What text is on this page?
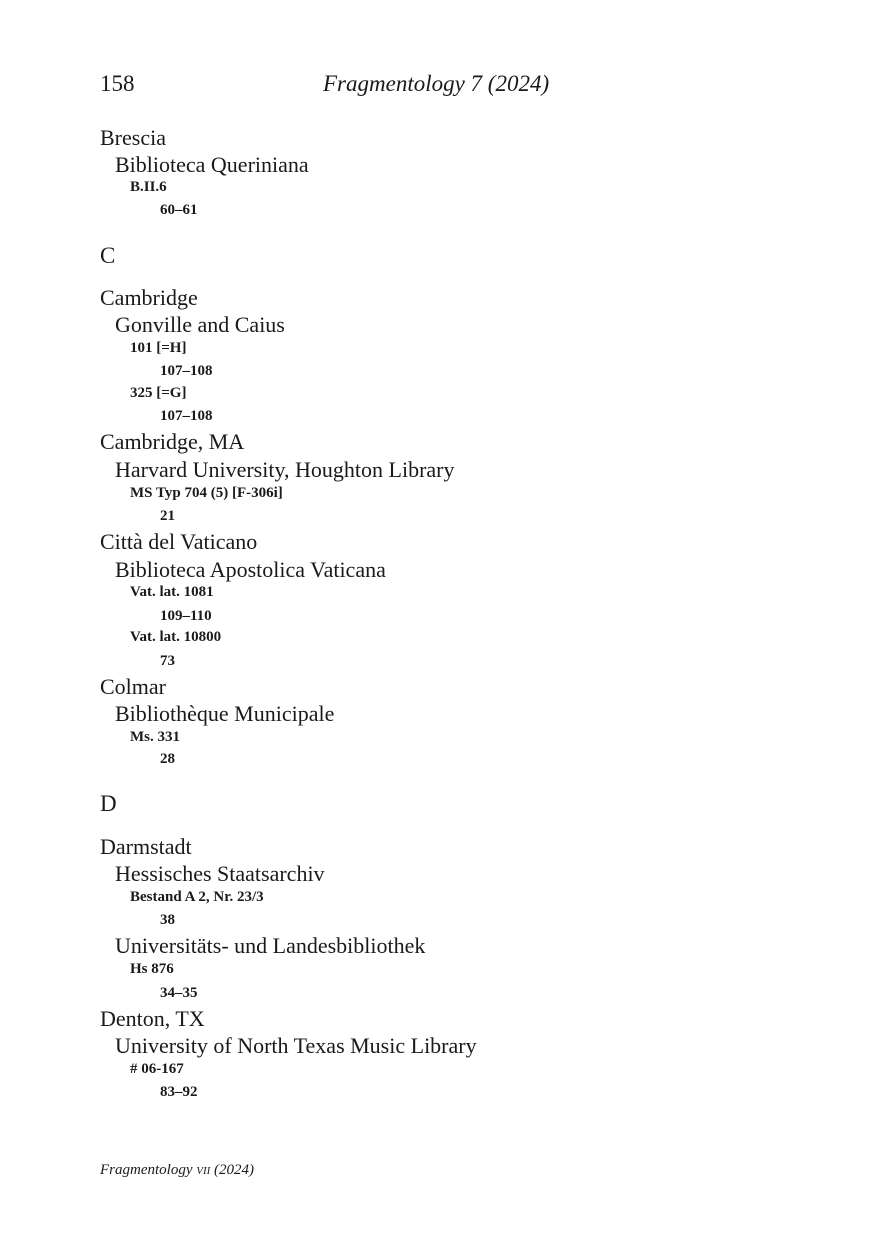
158	Fragmentology 7 (2024)
Brescia
Biblioteca Queriniana
B.II.6
60–61
C
Cambridge
Gonville and Caius
101 [=H]
107–108
325 [=G]
107–108
Cambridge, MA
Harvard University, Houghton Library
MS Typ 704 (5) [F-306i]
21
Città del Vaticano
Biblioteca Apostolica Vaticana
Vat. lat. 1081
109–110
Vat. lat. 10800
73
Colmar
Bibliothèque Municipale
Ms. 331
28
D
Darmstadt
Hessisches Staatsarchiv
Bestand A 2, Nr. 23/3
38
Universitäts- und Landesbibliothek
Hs 876
34–35
Denton, TX
University of North Texas Music Library
# 06-167
83–92
Fragmentology vii (2024)
